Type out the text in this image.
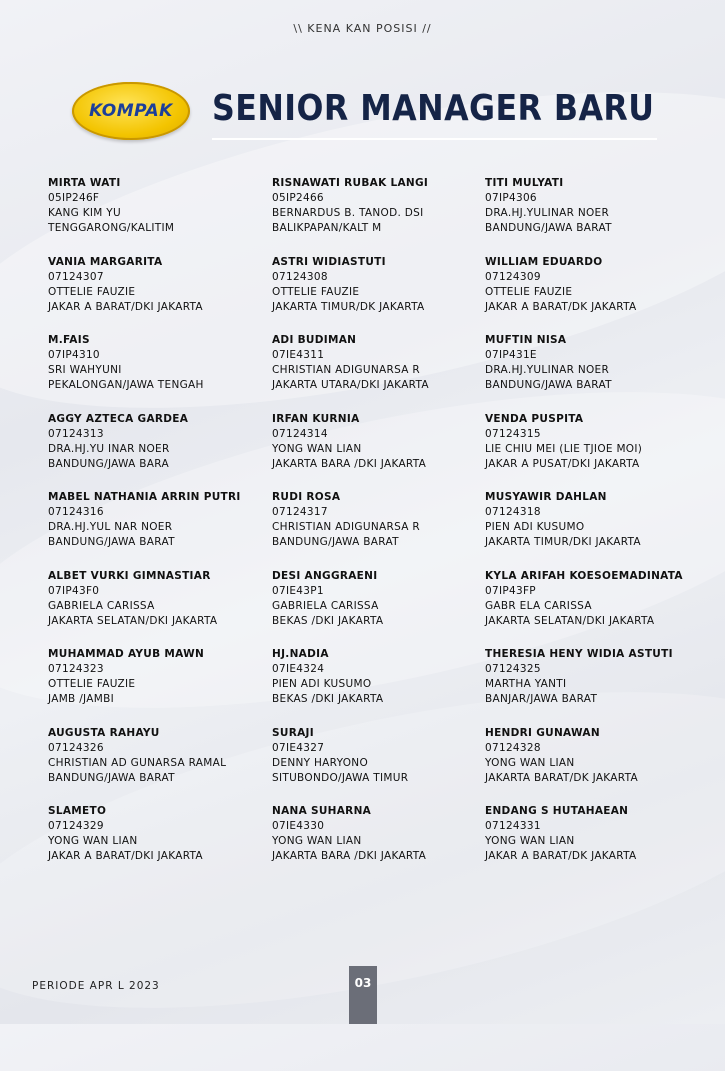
\\ KENA KAN POSISI //
KOMPAK SENIOR MANAGER BARU
MIRTA WATI
05IP246F
KANG KIM YU
TENGGARONG/KALITIM
RISNAWATI RUBAK LANGI
05IP2466
BERNARDUS B. TANOD. DSI
BALIKPAPAN/KALT M
TITI MULYATI
07IP4306
DRA.HJ.YULINAR NOER
BANDUNG/JAWA BARAT
VANIA MARGARITA
07124307
OTTELIE FAUZIE
JAKAR A BARAT/DKI JAKARTA
ASTRI WIDIASTUTI
07124308
OTTELIE FAUZIE
JAKARTA TIMUR/DK JAKARTA
WILLIAM EDUARDO
07124309
OTTELIE FAUZIE
JAKAR A BARAT/DK JAKARTA
M.FAIS
07IP4310
SRI WAHYUNI
PEKALONGAN/JAWA TENGAH
ADI BUDIMAN
07IE4311
CHRISTIAN ADIGUNARSA R
JAKARTA UTARA/DKI JAKARTA
MUFTIN NISA
07IP431E
DRA.HJ.YULINAR NOER
BANDUNG/JAWA BARAT
AGGY AZTECA GARDEA
07124313
DRA.HJ.YU INAR NOER
BANDUNG/JAWA BARA
IRFAN KURNIA
07124314
YONG WAN LIAN
JAKARTA BARA /DKI JAKARTA
VENDA PUSPITA
07124315
LIE CHIU MEI (LIE TJIOE MOI)
JAKAR A PUSAT/DKI JAKARTA
MABEL NATHANIA ARRIN PUTRI
07124316
DRA.HJ.YUL NAR NOER
BANDUNG/JAWA BARAT
RUDI ROSA
07124317
CHRISTIAN ADIGUNARSA R
BANDUNG/JAWA BARAT
MUSYAWIR DAHLAN
07124318
PIEN ADI KUSUMO
JAKARTA TIMUR/DKI JAKARTA
ALBET VURKI GIMNASTIAR
07IP43F0
GABRIELA CARISSA
JAKARTA SELATAN/DKI JAKARTA
DESI ANGGRAENI
07IE43P1
GABRIELA CARISSA
BEKAS /DKI JAKARTA
KYLA ARIFAH KOESOEMADINATA
07IP43FP
GABR ELA CARISSA
JAKARTA SELATAN/DKI JAKARTA
MUHAMMAD AYUB MAWN
07124323
OTTELIE FAUZIE
JAMB /JAMBI
HJ.NADIA
07IE4324
PIEN ADI KUSUMO
BEKAS /DKI JAKARTA
THERESIA HENY WIDIA ASTUTI
07124325
MARTHA YANTI
BANJAR/JAWA BARAT
AUGUSTA RAHAYU
07124326
CHRISTIAN AD GUNARSA RAMAL
BANDUNG/JAWA BARAT
SURAJI
07IE4327
DENNY HARYONO
SITUBONDO/JAWA TIMUR
HENDRI GUNAWAN
07124328
YONG WAN LIAN
JAKARTA BARAT/DK JAKARTA
SLAMETO
07124329
YONG WAN LIAN
JAKAR A BARAT/DKI JAKARTA
NANA SUHARNA
07IE4330
YONG WAN LIAN
JAKARTA BARA /DKI JAKARTA
ENDANG S HUTAHAEAN
07124331
YONG WAN LIAN
JAKAR A BARAT/DK JAKARTA
PERIODE APR L 2023	03
